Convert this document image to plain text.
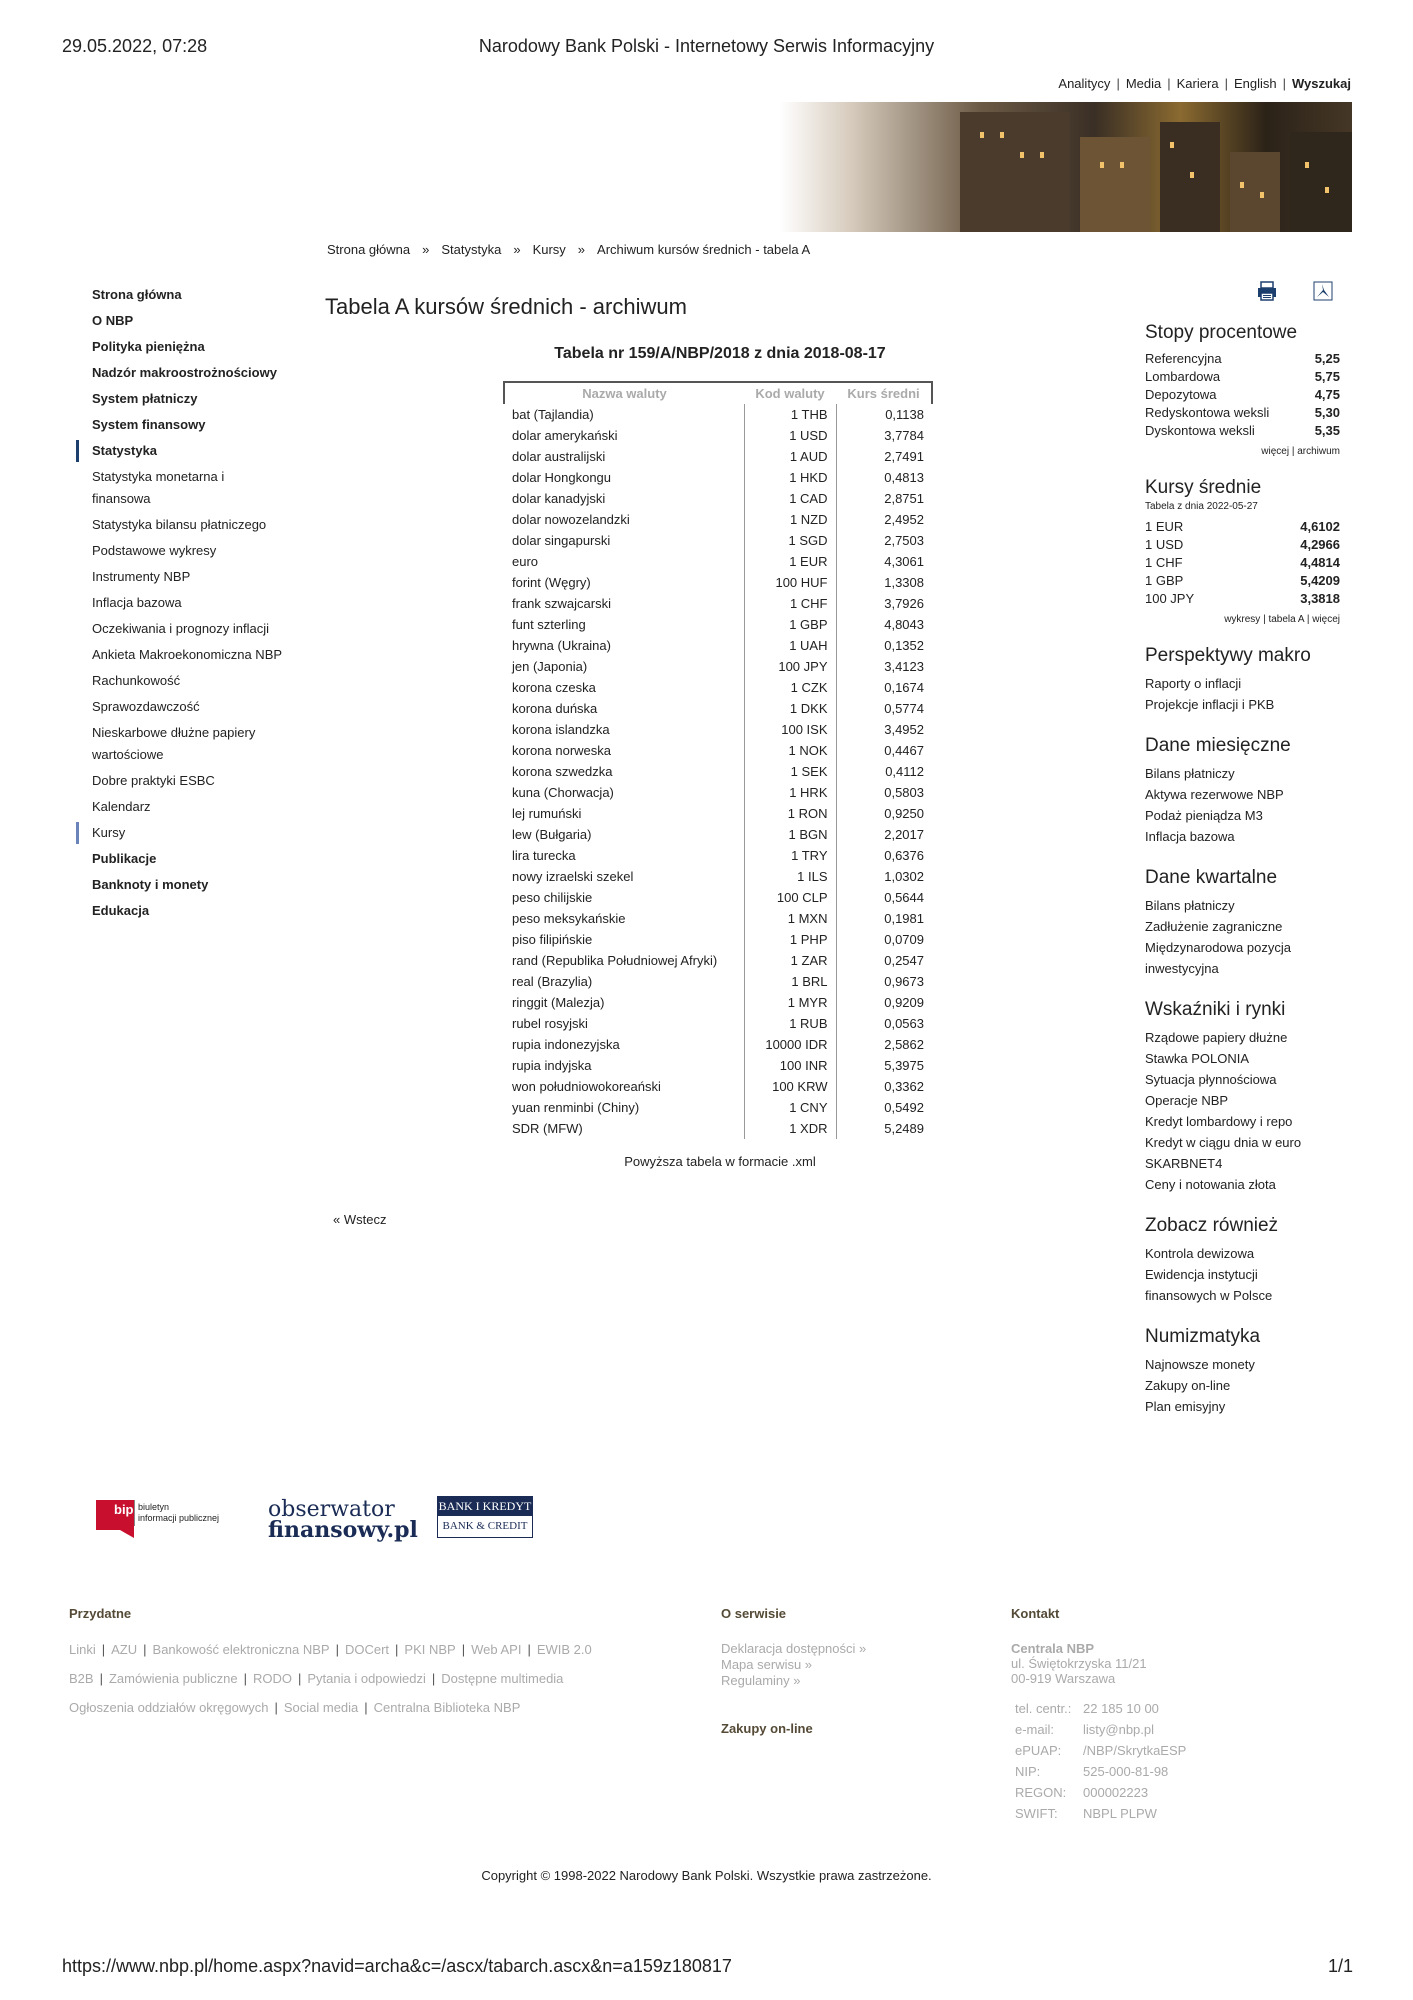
29.05.2022, 07:28	Narodowy Bank Polski - Internetowy Serwis Informacyjny
Analitycy | Media | Kariera | English | Wyszukaj
Strona główna » Statystyka » Kursy » Archiwum kursów średnich - tabela A
Strona główna
O NBP
Polityka pieniężna
Nadzór makroostrożnościowy
System płatniczy
System finansowy
Statystyka
Statystyka monetarna i
finansowa
Statystyka bilansu płatniczego
Podstawowe wykresy
Instrumenty NBP
Inflacja bazowa
Oczekiwania i prognozy inflacji
Ankieta Makroekonomiczna NBP
Rachunkowość
Sprawozdawczość
Nieskarbowe dłużne papiery
wartościowe
Dobre praktyki ESBC
Kalendarz
Kursy
Publikacje
Banknoty i monety
Edukacja
Tabela A kursów średnich - archiwum
Tabela nr 159/A/NBP/2018 z dnia 2018-08-17
Nazwa waluty	Kod waluty	Kurs średni
bat (Tajlandia)	1 THB	0,1138
dolar amerykański	1 USD	3,7784
dolar australijski	1 AUD	2,7491
dolar Hongkongu	1 HKD	0,4813
dolar kanadyjski	1 CAD	2,8751
dolar nowozelandzki	1 NZD	2,4952
dolar singapurski	1 SGD	2,7503
euro	1 EUR	4,3061
forint (Węgry)	100 HUF	1,3308
frank szwajcarski	1 CHF	3,7926
funt szterling	1 GBP	4,8043
hrywna (Ukraina)	1 UAH	0,1352
jen (Japonia)	100 JPY	3,4123
korona czeska	1 CZK	0,1674
korona duńska	1 DKK	0,5774
korona islandzka	100 ISK	3,4952
korona norweska	1 NOK	0,4467
korona szwedzka	1 SEK	0,4112
kuna (Chorwacja)	1 HRK	0,5803
lej rumuński	1 RON	0,9250
lew (Bułgaria)	1 BGN	2,2017
lira turecka	1 TRY	0,6376
nowy izraelski szekel	1 ILS	1,0302
peso chilijskie	100 CLP	0,5644
peso meksykańskie	1 MXN	0,1981
piso filipińskie	1 PHP	0,0709
rand (Republika Południowej Afryki)	1 ZAR	0,2547
real (Brazylia)	1 BRL	0,9673
ringgit (Malezja)	1 MYR	0,9209
rubel rosyjski	1 RUB	0,0563
rupia indonezyjska	10000 IDR	2,5862
rupia indyjska	100 INR	5,3975
won południowokoreański	100 KRW	0,3362
yuan renminbi (Chiny)	1 CNY	0,5492
SDR (MFW)	1 XDR	5,2489
Powyższa tabela w formacie .xml
« Wstecz
Stopy procentowe
Referencyjna	5,25
Lombardowa	5,75
Depozytowa	4,75
Redyskontowa weksli	5,30
Dyskontowa weksli	5,35
więcej | archiwum
Kursy średnie
Tabela z dnia 2022-05-27
1 EUR	4,6102
1 USD	4,2966
1 CHF	4,4814
1 GBP	5,4209
100 JPY	3,3818
wykresy | tabela A | więcej
Perspektywy makro
Raporty o inflacji
Projekcje inflacji i PKB
Dane miesięczne
Bilans płatniczy
Aktywa rezerwowe NBP
Podaż pieniądza M3
Inflacja bazowa
Dane kwartalne
Bilans płatniczy
Zadłużenie zagraniczne
Międzynarodowa pozycja
inwestycyjna
Wskaźniki i rynki
Rządowe papiery dłużne
Stawka POLONIA
Sytuacja płynnościowa
Operacje NBP
Kredyt lombardowy i repo
Kredyt w ciągu dnia w euro
SKARBNET4
Ceny i notowania złota
Zobacz również
Kontrola dewizowa
Ewidencja instytucji
finansowych w Polsce
Numizmatyka
Najnowsze monety
Zakupy on-line
Plan emisyjny
bip biuletyn
informacji publicznej obserwator
finansowy.pl
BANK I KREDYT
BANK & CREDIT
Przydatne
Linki | AZU | Bankowość elektroniczna NBP | DOCert | PKI NBP | Web API | EWIB 2.0
B2B | Zamówienia publiczne | RODO | Pytania i odpowiedzi | Dostępne multimedia
Ogłoszenia oddziałów okręgowych | Social media | Centralna Biblioteka NBP
O serwisie
Deklaracja dostępności »
Mapa serwisu »
Regulaminy »
Zakupy on-line
Kontakt
Centrala NBP
ul. Świętokrzyska 11/21
00-919 Warszawa
tel. centr.: 22 185 10 00
e-mail:	listy@nbp.pl
ePUAP:	/NBP/SkrytkaESP
NIP:	525-000-81-98
REGON:	000002223
SWIFT:	NBPL PLPW
Copyright © 1998-2022 Narodowy Bank Polski. Wszystkie prawa zastrzeżone.
https://www.nbp.pl/home.aspx?navid=archa&c=/ascx/tabarch.ascx&n=a159z180817	1/1
